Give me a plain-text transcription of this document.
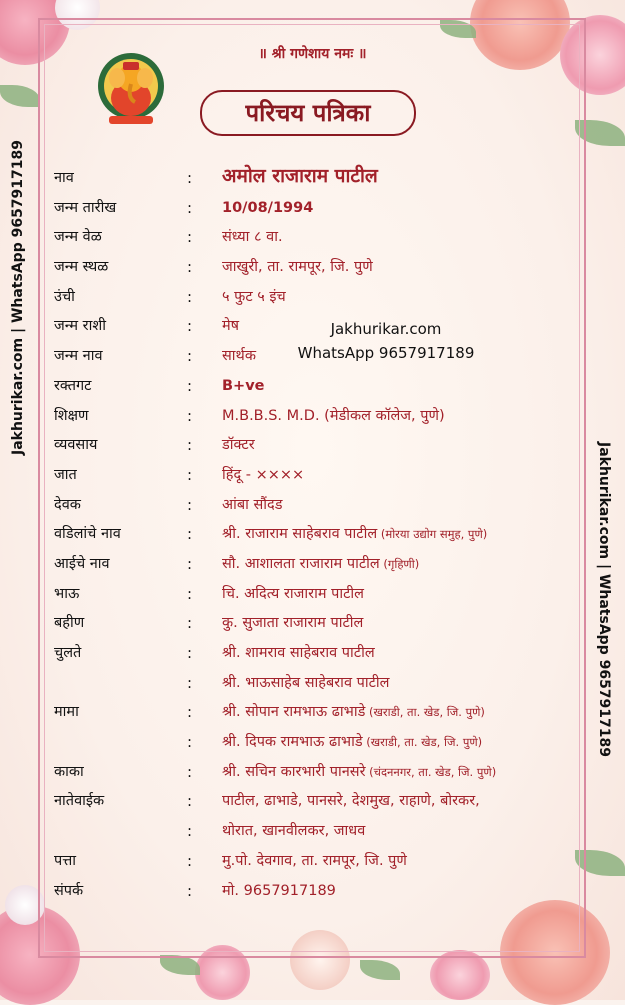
॥ श्री गणेशाय नमः ॥
परिचय पत्रिका
Jakhurikar.com | WhatsApp 9657917189
Jakhurikar.com | WhatsApp 9657917189
Jakhurikar.com
WhatsApp 9657917189
नाव	: अमोल राजाराम पाटील
जन्म तारीख	: 10/08/1994
जन्म वेळ	: संध्या ८ वा.
जन्म स्थळ	: जाखुरी, ता. रामपूर, जि. पुणे
उंची	: ५ फुट ५ इंच
जन्म राशी	: मेष
जन्म नाव	: सार्थक
रक्तगट	: B+ve
शिक्षण	: M.B.B.S. M.D. (मेडीकल कॉलेज, पुणे)
व्यवसाय	: डॉक्टर
जात	: हिंदू - ××××
देवक	: आंबा सौंदड
वडिलांचे नाव	: श्री. राजाराम साहेबराव पाटील (मोरया उद्योग समुह, पुणे)
आईचे नाव	: सौ. आशालता राजाराम पाटील (गृहिणी)
भाऊ	: चि. अदित्य राजाराम पाटील
बहीण	: कु. सुजाता राजाराम पाटील
चुलते	: श्री. शामराव साहेबराव पाटील
: श्री. भाऊसाहेब साहेबराव पाटील
मामा	: श्री. सोपान रामभाऊ ढाभाडे (खराडी, ता. खेड, जि. पुणे)
: श्री. दिपक रामभाऊ ढाभाडे (खराडी, ता. खेड, जि. पुणे)
काका	: श्री. सचिन कारभारी पानसरे (चंदननगर, ता. खेड, जि. पुणे)
नातेवाईक	: पाटील, ढाभाडे, पानसरे, देशमुख, राहाणे, बोरकर,
: थोरात, खानवीलकर, जाधव
पत्ता	: मु.पो. देवगाव, ता. रामपूर, जि. पुणे
संपर्क	: मो. 9657917189
